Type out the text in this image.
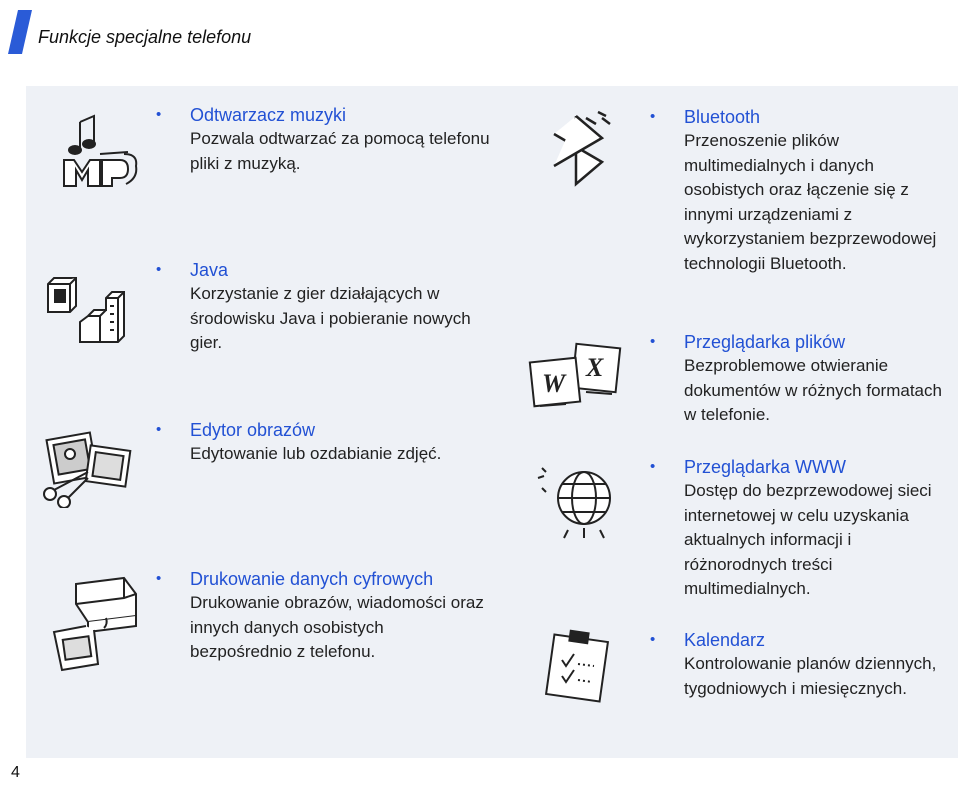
Funkcje specjalne telefonu
• Odtwarzacz muzyki
Pozwala odtwarzać za pomocą telefonu pliki z muzyką.
• Java
Korzystanie z gier działających w środowisku Java i pobieranie nowych gier.
• Edytor obrazów
Edytowanie lub ozdabianie zdjęć.
• Drukowanie danych cyfrowych
Drukowanie obrazów, wiadomości oraz innych danych osobistych bezpośrednio z telefonu.
• Bluetooth
Przenoszenie plików multimedialnych i danych osobistych oraz łączenie się z innymi urządzeniami z wykorzystaniem bezprzewodowej technologii Bluetooth.
W
X
• Przeglądarka plików
Bezproblemowe otwieranie dokumentów w różnych formatach w telefonie.
• Przeglądarka WWW
Dostęp do bezprzewodowej sieci internetowej w celu uzyskania aktualnych informacji i różnorodnych treści multimedialnych.
• Kalendarz
Kontrolowanie planów dziennych, tygodniowych i miesięcznych.
4
